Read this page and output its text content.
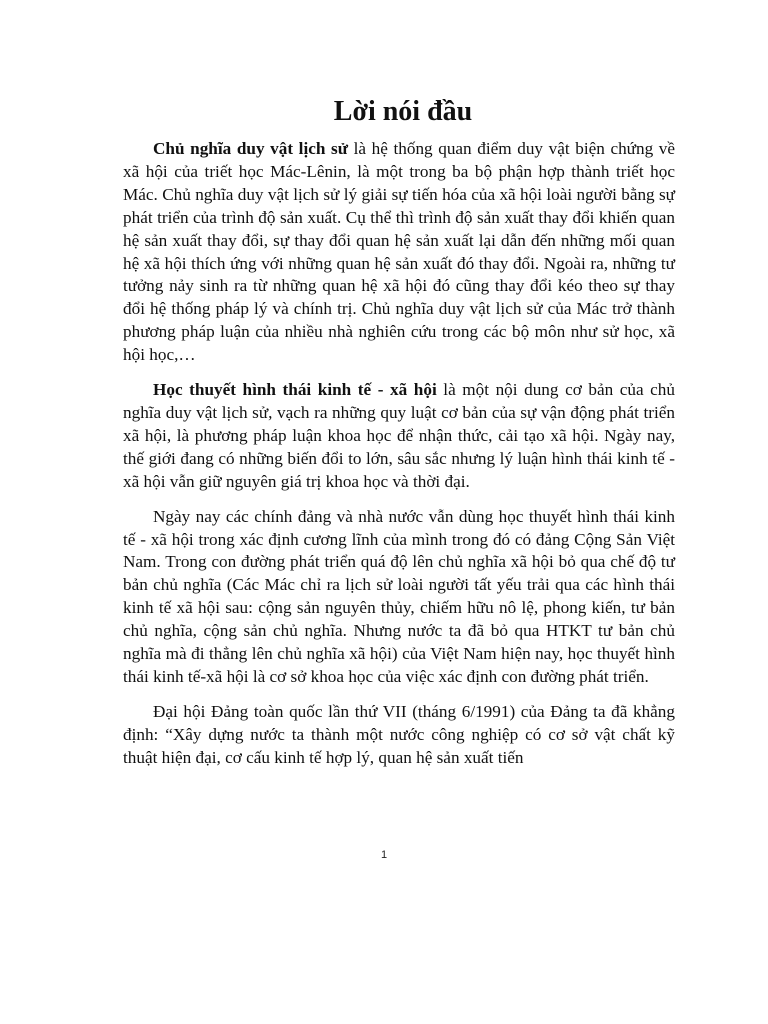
Lời nói đầu

Chủ nghĩa duy vật lịch sử là hệ thống quan điểm duy vật biện chứng về xã hội của triết học Mác-Lênin, là một trong ba bộ phận hợp thành triết học Mác. Chủ nghĩa duy vật lịch sử lý giải sự tiến hóa của xã hội loài người bằng sự phát triển của trình độ sản xuất. Cụ thể thì trình độ sản xuất thay đổi khiến quan hệ sản xuất thay đổi, sự thay đổi quan hệ sản xuất lại dẫn đến những mối quan hệ xã hội thích ứng với những quan hệ sản xuất đó thay đổi. Ngoài ra, những tư tưởng nảy sinh ra từ những quan hệ xã hội đó cũng thay đổi kéo theo sự thay đổi hệ thống pháp lý và chính trị. Chủ nghĩa duy vật lịch sử của Mác trở thành phương pháp luận của nhiều nhà nghiên cứu trong các bộ môn như sử học, xã hội học,…

Học thuyết hình thái kinh tế - xã hội là một nội dung cơ bản của chủ nghĩa duy vật lịch sử, vạch ra những quy luật cơ bản của sự vận động phát triển xã hội, là phương pháp luận khoa học để nhận thức, cải tạo xã hội. Ngày nay, thế giới đang có những biến đổi to lớn, sâu sắc nhưng lý luận hình thái kinh tế - xã hội vẫn giữ nguyên giá trị khoa học và thời đại.

Ngày nay các chính đảng và nhà nước vẫn dùng học thuyết hình thái kinh tế - xã hội trong xác định cương lĩnh của mình trong đó có đảng Cộng Sản Việt Nam. Trong con đường phát triển quá độ lên chủ nghĩa xã hội bỏ qua chế độ tư bản chủ nghĩa (Các Mác chỉ ra lịch sử loài người tất yếu trải qua các hình thái kinh tế xã hội sau: cộng sản nguyên thủy, chiếm hữu nô lệ, phong kiến, tư bản chủ nghĩa, cộng sản chủ nghĩa. Nhưng nước ta đã bỏ qua HTKT tư bản chủ nghĩa mà đi thẳng lên chủ nghĩa xã hội) của Việt Nam hiện nay, học thuyết hình thái kinh tế-xã hội là cơ sở khoa học của việc xác định con đường phát triển.

Đại hội Đảng toàn quốc lần thứ VII (tháng 6/1991) của Đảng ta đã khẳng định: “Xây dựng nước ta thành một nước công nghiệp có cơ sở vật chất kỹ thuật hiện đại, cơ cấu kinh tế hợp lý, quan hệ sản xuất tiến

1
